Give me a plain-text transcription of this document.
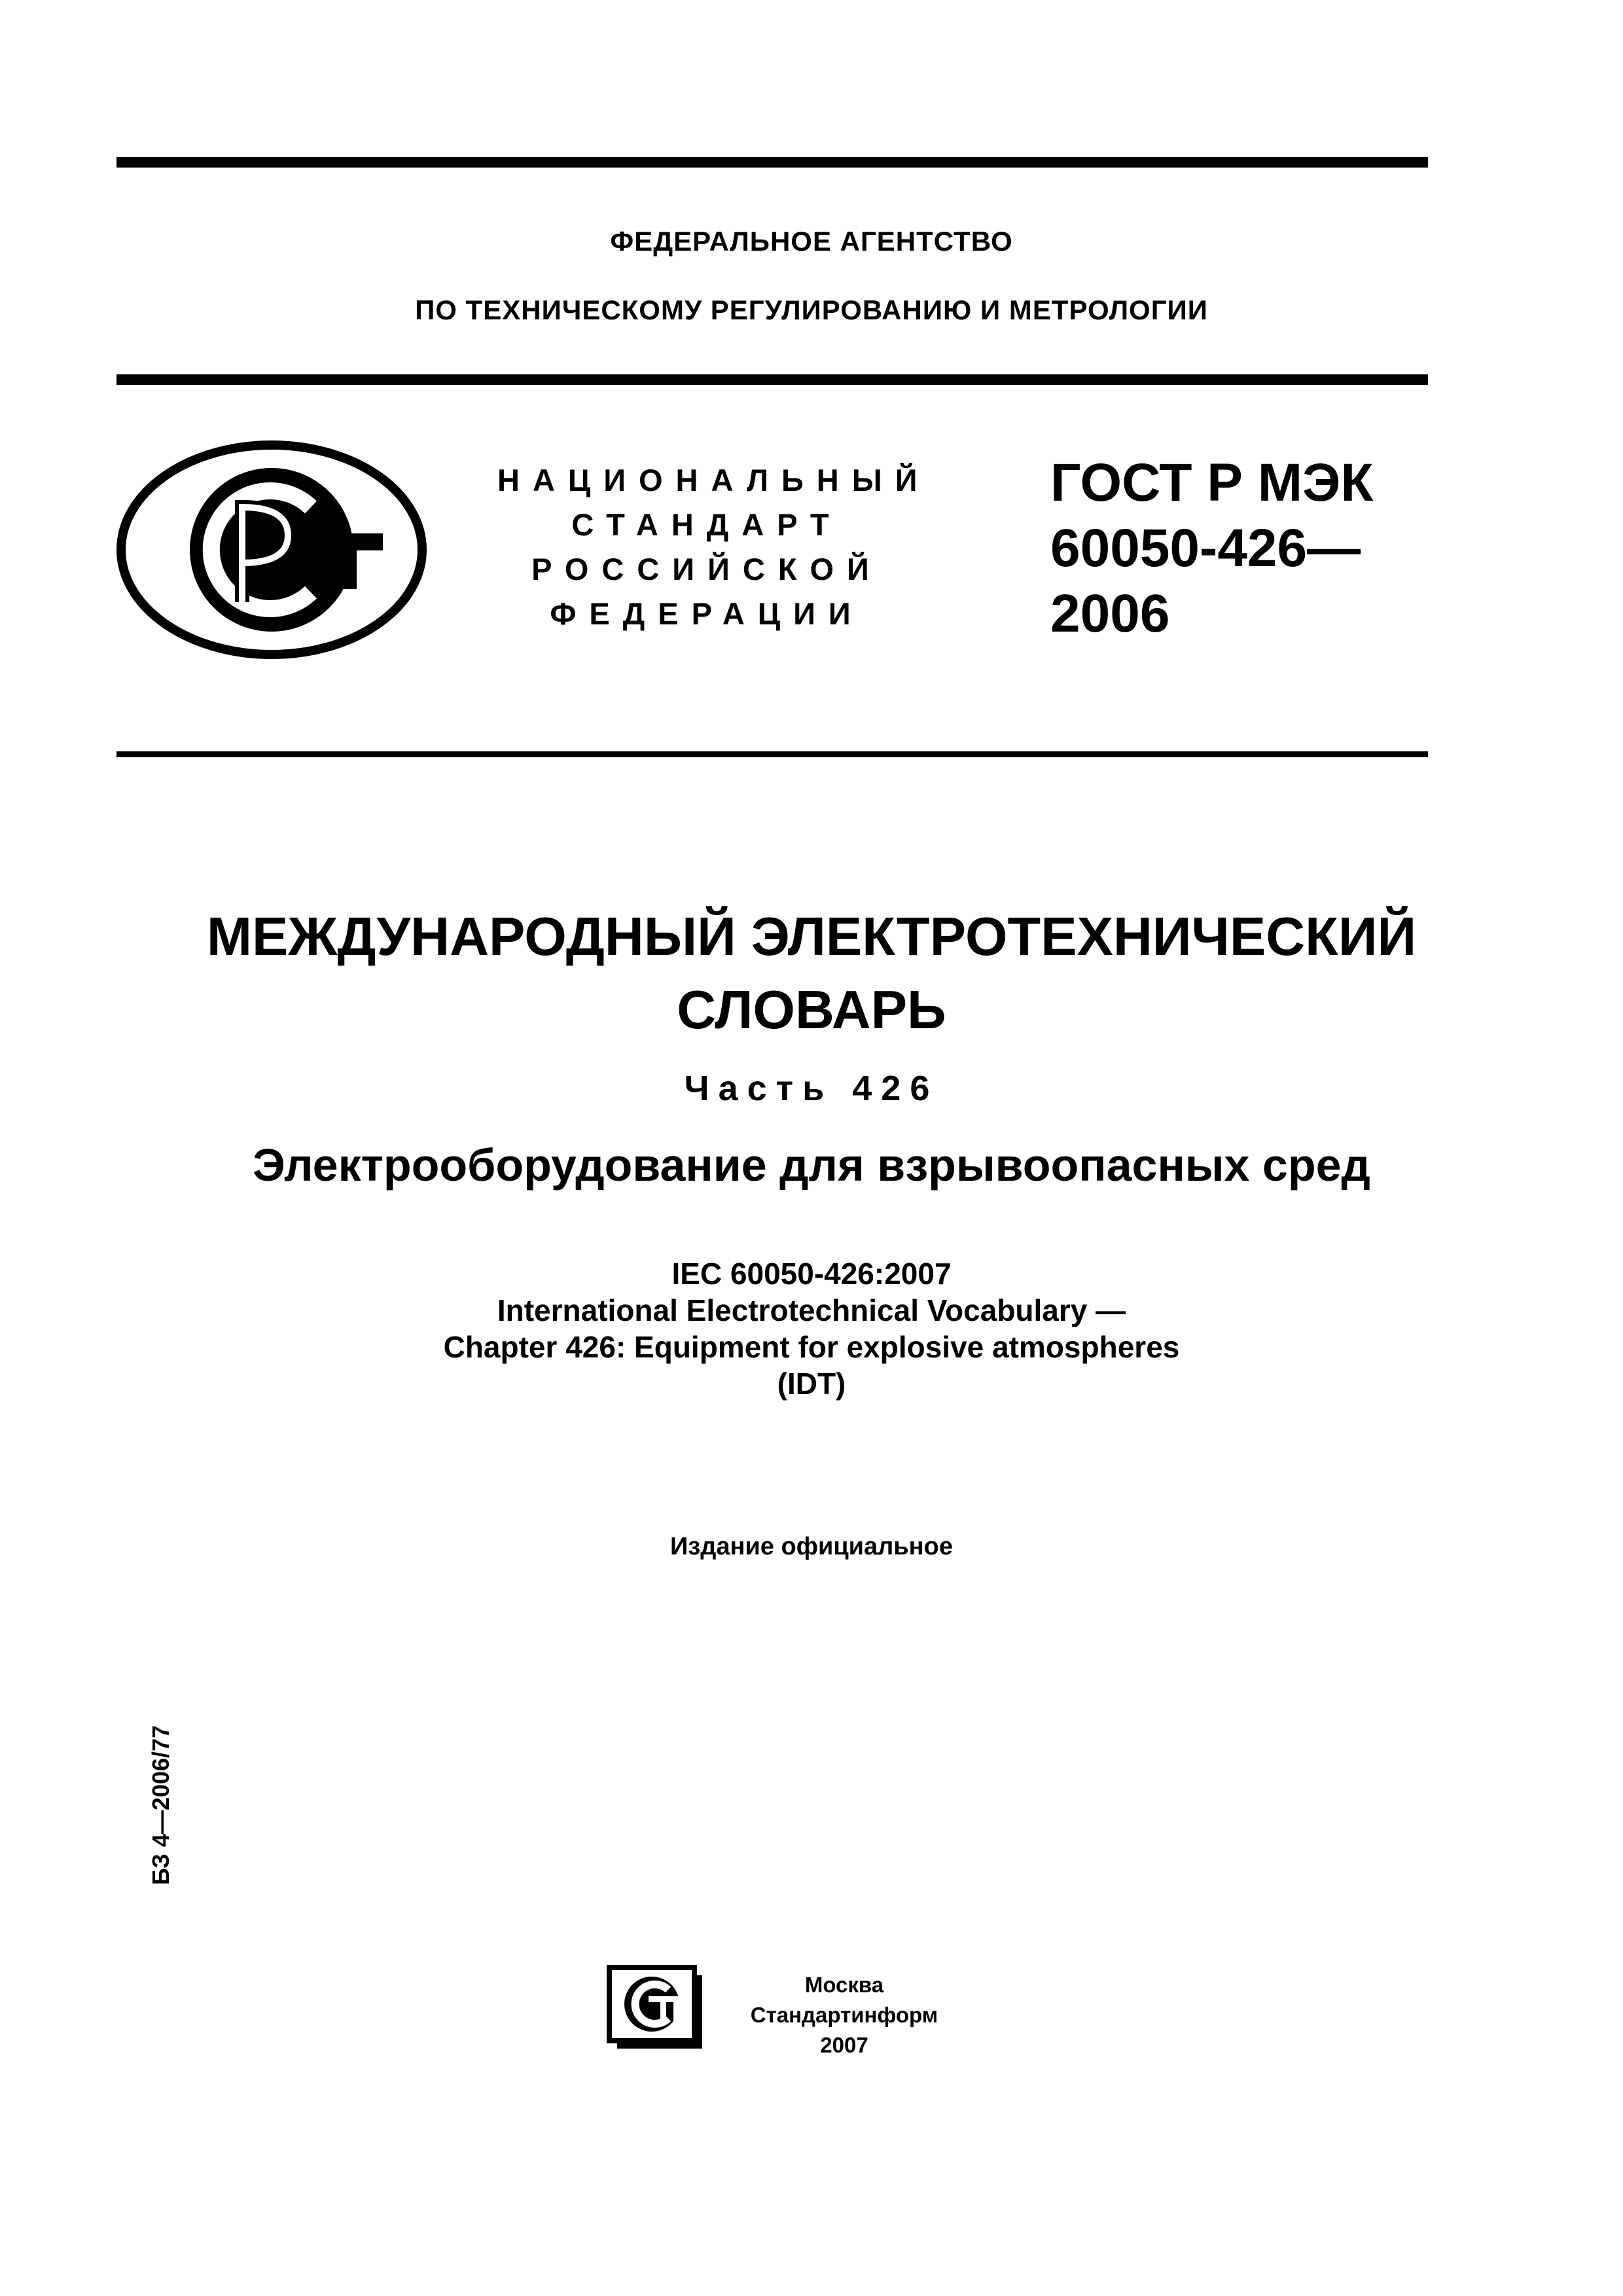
ФЕДЕРАЛЬНОЕ АГЕНТСТВО
ПО ТЕХНИЧЕСКОМУ РЕГУЛИРОВАНИЮ И МЕТРОЛОГИИ
НАЦИОНАЛЬНЫЙ
СТАНДАРТ
РОССИЙСКОЙ
ФЕДЕРАЦИИ
ГОСТ Р МЭК
60050-426—
2006
МЕЖДУНАРОДНЫЙ ЭЛЕКТРОТЕХНИЧЕСКИЙ
СЛОВАРЬ
Часть 426
Электрооборудование для взрывоопасных сред
IEC 60050-426:2007
International Electrotechnical Vocabulary —
Chapter 426: Equipment for explosive atmospheres
(IDT)
Издание официальное
БЗ 4—2006/77
Москва
Стандартинформ
2007
